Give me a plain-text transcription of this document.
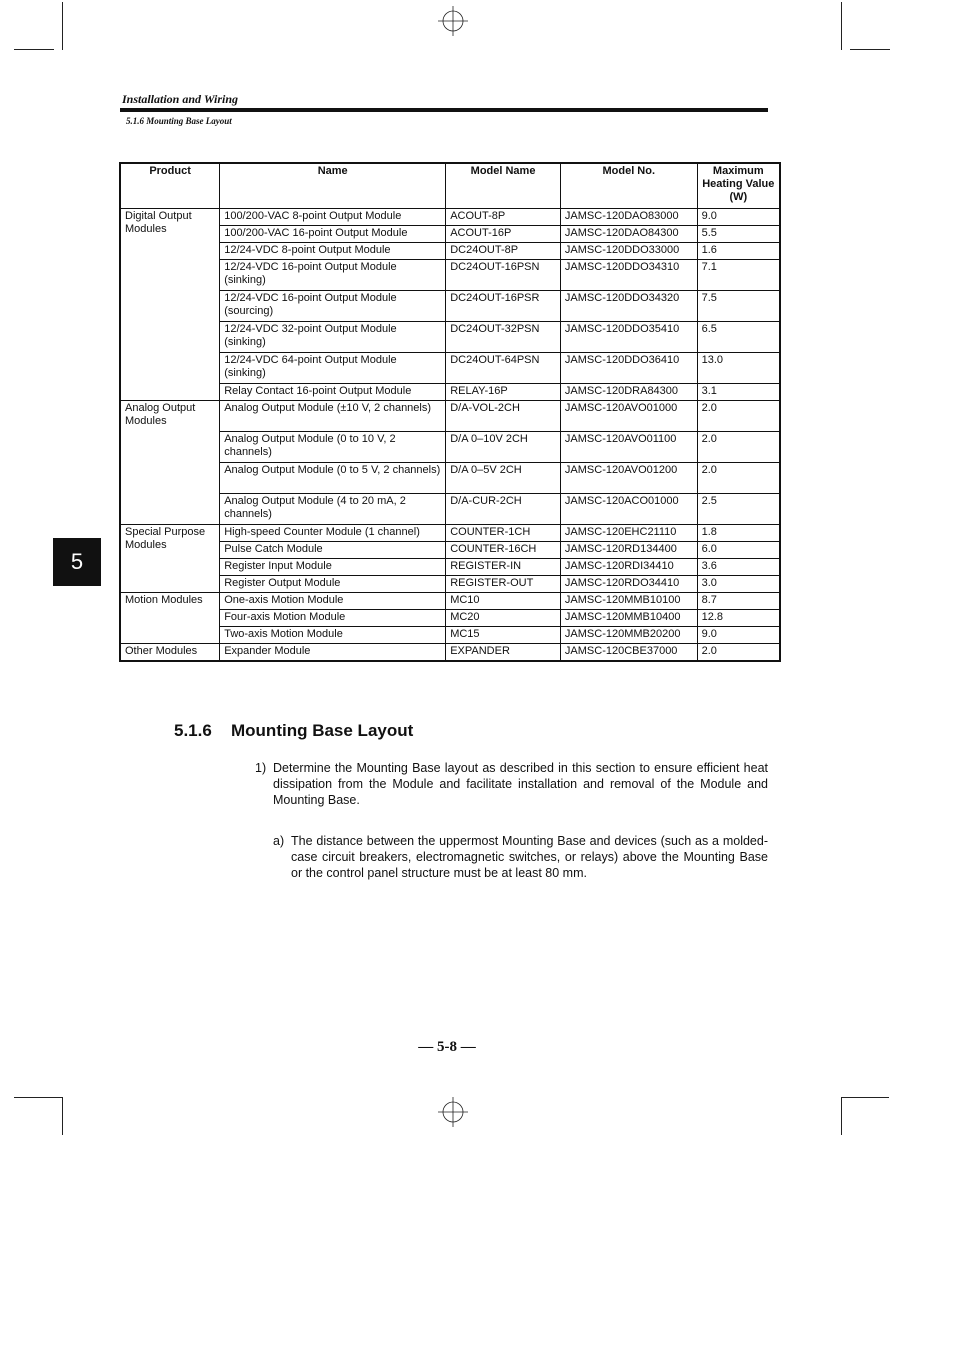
Installation and Wiring
5.1.6 Mounting Base Layout
5
Product	Name	Model Name	Model No.	Maximum Heating Value (W)
Digital Output Modules	100/200-VAC 8-point Output Module	ACOUT-8P	JAMSC-120DAO83000	9.0
	100/200-VAC 16-point Output Module	ACOUT-16P	JAMSC-120DAO84300	5.5
	12/24-VDC 8-point Output Module	DC24OUT-8P	JAMSC-120DDO33000	1.6
	12/24-VDC 16-point Output Module (sinking)	DC24OUT-16PSN	JAMSC-120DDO34310	7.1
	12/24-VDC 16-point Output Module (sourcing)	DC24OUT-16PSR	JAMSC-120DDO34320	7.5
	12/24-VDC 32-point Output Module (sinking)	DC24OUT-32PSN	JAMSC-120DDO35410	6.5
	12/24-VDC 64-point Output Module (sinking)	DC24OUT-64PSN	JAMSC-120DDO36410	13.0
	Relay Contact 16-point Output Module	RELAY-16P	JAMSC-120DRA84300	3.1
Analog Output Modules	Analog Output Module (±10 V, 2 channels)	D/A-VOL-2CH	JAMSC-120AVO01000	2.0
	Analog Output Module (0 to 10 V, 2 channels)	D/A 0–10V 2CH	JAMSC-120AVO01100	2.0
	Analog Output Module (0 to 5 V, 2 channels)	D/A 0–5V 2CH	JAMSC-120AVO01200	2.0
	Analog Output Module (4 to 20 mA, 2 channels)	D/A-CUR-2CH	JAMSC-120ACO01000	2.5
Special Purpose Modules	High-speed Counter Module (1 channel)	COUNTER-1CH	JAMSC-120EHC21110	1.8
	Pulse Catch Module	COUNTER-16CH	JAMSC-120RD134400	6.0
	Register Input Module	REGISTER-IN	JAMSC-120RDI34410	3.6
	Register Output Module	REGISTER-OUT	JAMSC-120RDO34410	3.0
Motion Modules	One-axis Motion Module	MC10	JAMSC-120MMB10100	8.7
	Four-axis Motion Module	MC20	JAMSC-120MMB10400	12.8
	Two-axis Motion Module	MC15	JAMSC-120MMB20200	9.0
Other Modules	Expander Module	EXPANDER	JAMSC-120CBE37000	2.0
5.1.6 Mounting Base Layout
1) Determine the Mounting Base layout as described in this section to ensure efficient heat dissipation from the Module and facilitate installation and removal of the Module and Mounting Base.
a) The distance between the uppermost Mounting Base and devices (such as a molded-case circuit breakers, electromagnetic switches, or relays) above the Mounting Base or the control panel structure must be at least 80 mm.
— 5-8 —
